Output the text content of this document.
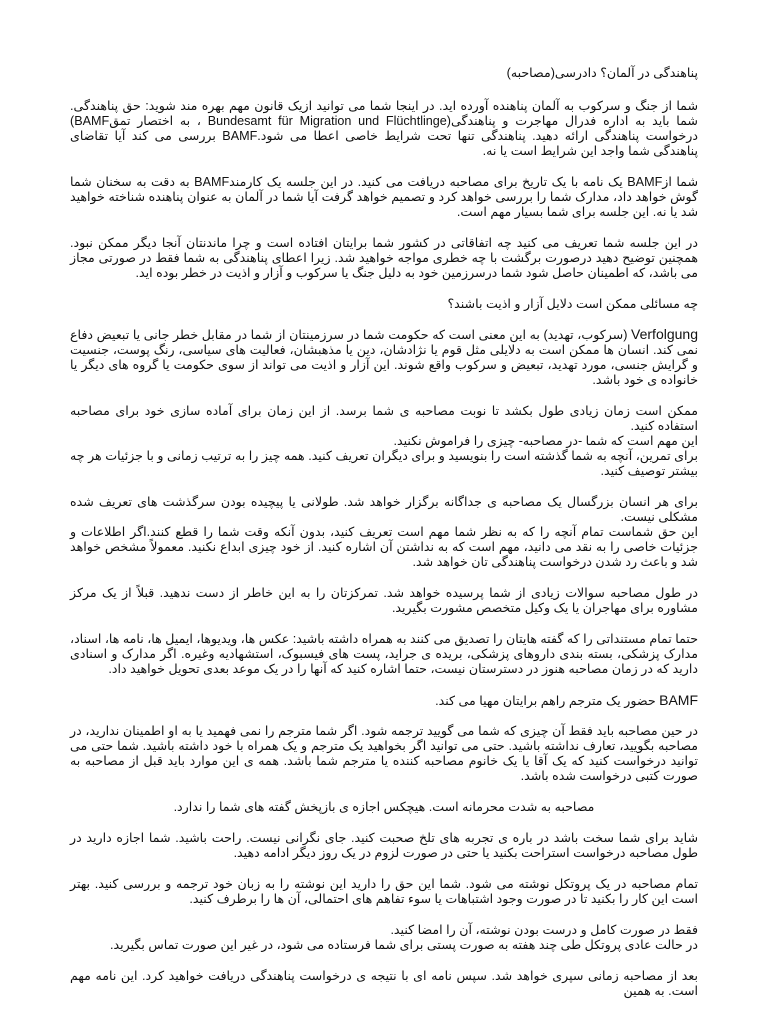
پناهندگی در آلمان؟ دادرسی(مصاحبه)

شما از جنگ و سرکوب به آلمان پناهنده آورده اید. در اینجا شما می توانید ازیک قانون مهم بهره مند شوید: حق پناهندگی. شما باید به اداره فدرال مهاجرت و پناهندگی(Bundesamt für Migration und Flüchtlinge ، به اختصار تمقBAMF) درخواست پناهندگی ارائه دهید. پناهندگی تنها تحت شرایط خاصی اعطا می شود.BAMF بررسی می کند آیا تقاضای پناهندگی شما واجد این شرایط است یا نه.

شما ازBAMF یک نامه با یک تاریخ برای مصاحبه دریافت می کنید. در این جلسه یک کارمندBAMF به دقت به سخنان شما گوش خواهد داد، مدارک شما را بررسی خواهد کرد و تصمیم خواهد گرفت آیا شما در آلمان به عنوان پناهنده شناخته خواهید شد یا نه. این جلسه برای شما بسیار مهم است.

در این جلسه شما تعریف می کنید چه اتفاقاتی در کشور شما برایتان افتاده است و چرا ماندنتان آنجا دیگر ممکن نبود. همچنین توضیح دهید درصورت برگشت با چه خطری مواجه خواهید شد. زیرا اعطای پناهندگی به شما فقط در صورتی مجاز می باشد، که اطمینان حاصل شود شما درسرزمین خود به دلیل جنگ یا سرکوب و آزار و اذیت در خطر بوده اید.

چه مسائلی ممکن است دلایل آزار و اذیت باشند؟

Verfolgung (سرکوب، تهدید) به این معنی است که حکومت شما در سرزمینتان از شما در مقابل خطر جانی یا تبعیض دفاع نمی کند. انسان ها ممکن است به دلایلی مثل قوم یا نژادشان، دین یا مذهبشان، فعالیت های سیاسی، رنگ پوست، جنسیت و گرایش جنسی، مورد تهدید، تبعیض و سرکوب واقع شوند. این آزار و اذیت می تواند از سوی حکومت یا گروه های دیگر یا خانواده ی خود باشد.

ممکن است زمان زیادی طول بکشد تا نوبت مصاحبه ی شما برسد. از این زمان برای آماده سازی خود برای مصاحبه استفاده کنید.
این مهم است که شما -در مصاحبه- چیزی را فراموش نکنید.
برای تمرین، آنچه به شما گذشته است را بنویسید و برای دیگران تعریف کنید. همه چیز را به ترتیب زمانی و با جزئیات هر چه بیشتر توصیف کنید.

برای هر انسان بزرگسال یک مصاحبه ی جداگانه برگزار خواهد شد. طولانی یا پیچیده بودن سرگذشت های تعریف شده مشکلی نیست.
این حق شماست تمام آنچه را که به نظر شما مهم است تعریف کنید، بدون آنکه وقت شما را قطع کنند.اگر اطلاعات و جزئیات خاصی را به نقد می دانید، مهم است که به نداشتن آن اشاره کنید. از خود چیزی ابداع نکنید. معمولاً مشخص خواهد شد و باعث رد شدن درخواست پناهندگی تان خواهد شد.

در طول مصاحبه سوالات زیادی از شما پرسیده خواهد شد. تمرکزتان را به این خاطر از دست ندهید. قبلاً از یک مرکز مشاوره برای مهاجران یا یک وکیل متخصص مشورت بگیرید.

حتما تمام مستنداتی را که گفته هایتان را تصدیق می کنند به همراه داشته باشید: عکس ها، ویدیوها، ایمیل ها، نامه ها، اسناد، مدارک پزشکی، بسته بندی داروهای پزشکی، بریده ی جراید، پست های فیسبوک، استشهادیه وغیره. اگر مدارک و اسنادی دارید که در زمان مصاحبه هنوز در دسترستان نیست، حتما اشاره کنید که آنها را در یک موعد بعدی تحویل خواهید داد.

BAMF حضور یک مترجم راهم برایتان مهیا می کند.

در حین مصاحبه باید فقط آن چیزی که شما می گویید ترجمه شود. اگر شما مترجم را نمی فهمید یا به او اطمینان ندارید، در مصاحبه بگویید، تعارف نداشته باشید. حتی می توانید اگر بخواهید یک مترجم و یک همراه با خود داشته باشید. شما حتی می توانید درخواست کنید که یک آقا یا یک خانوم مصاحبه کننده یا مترجم شما باشد. همه ی این موارد باید قبل از مصاحبه به صورت کتبی درخواست شده باشد.

مصاحبه به شدت محرمانه است. هیچکس اجازه ی بازپخش گفته های شما را ندارد.

شاید برای شما سخت باشد در باره ی تجربه های تلخ صحبت کنید. جای نگرانی نیست. راحت باشید. شما اجازه دارید در طول مصاحبه درخواست استراحت بکنید یا حتی در صورت لزوم در یک روز دیگر ادامه دهید.

تمام مصاحبه در یک پروتکل نوشته می شود. شما این حق را دارید این نوشته را به زبان خود ترجمه و بررسی کنید. بهتر است این کار را بکنید تا در صورت وجود اشتباهات یا سوء تفاهم های احتمالی، آن ها را برطرف کنید.

فقط در صورت کامل و درست بودن نوشته، آن را امضا کنید.
در حالت عادی پروتکل طی چند هفته به صورت پستی برای شما فرستاده می شود، در غیر این صورت تماس بگیرید.

بعد از مصاحبه زمانی سپری خواهد شد. سپس نامه ای با نتیجه ی درخواست پناهندگی دریافت خواهید کرد. این نامه مهم است. به همین
